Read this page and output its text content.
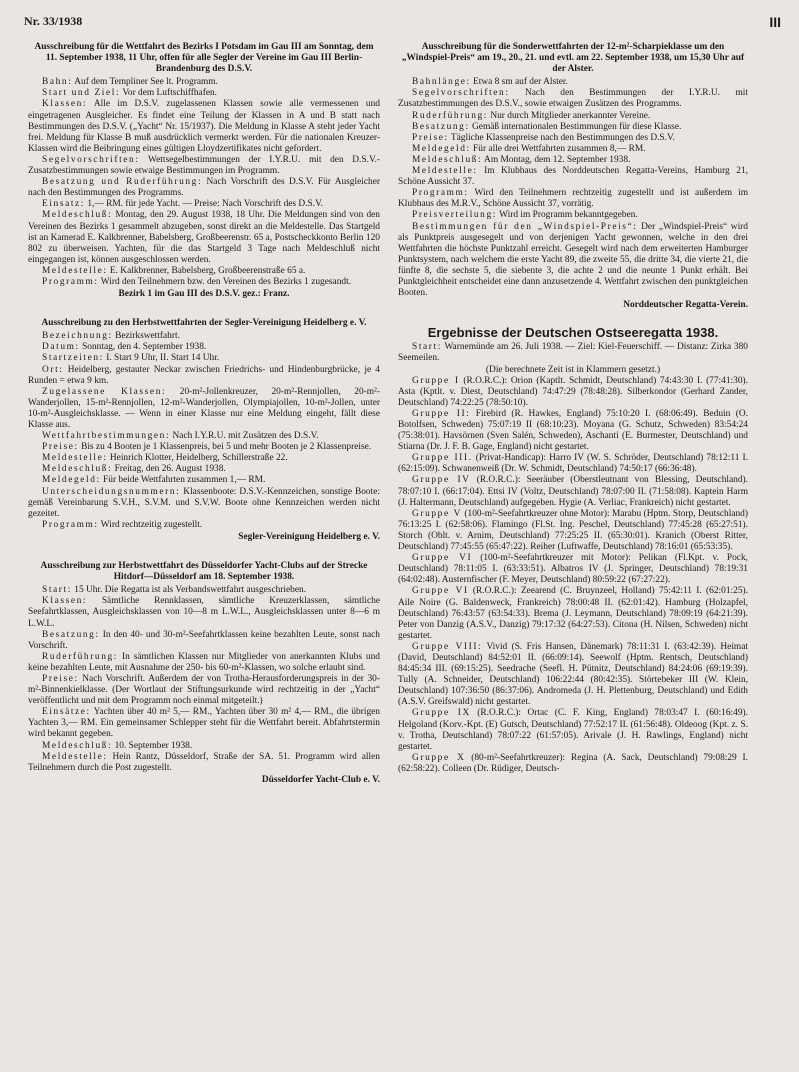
Nr. 33/1938	III
Ausschreibung für die Wettfahrt des Bezirks I Potsdam im Gau III am Sonntag, dem 11. September 1938, 11 Uhr, offen für alle Segler der Vereine im Gau III Berlin-Brandenburg des D.S.V.

Bahn: Auf dem Templiner See lt. Programm.

Start und Ziel: Vor dem Luftschiffhafen.

Klassen: Alle im D.S.V. zugelassenen Klassen sowie alle vermessenen und eingetragenen Ausgleicher. Es findet eine Teilung der Klassen in A und B statt nach Bestimmungen des D.S.V. („Yacht“ Nr. 15/1937). Die Meldung in Klasse A steht jeder Yacht frei. Meldung für Klasse B muß ausdrücklich vermerkt werden. Für die nationalen Kreuzer-Klassen wird die Beibringung eines gültigen Lloydzertifikates nicht gefordert.

Segelvorschriften: Wettsegelbestimmungen der I.Y.R.U. mit den D.S.V.-Zusatzbestimmungen sowie etwaige Bestimmungen im Programm.

Besatzung und Ruderführung: Nach Vorschrift des D.S.V. Für Ausgleicher nach den Bestimmungen des Programms.

Einsatz: 1,— RM. für jede Yacht. — Preise: Nach Vorschrift des D.S.V.

Meldeschluß: Montag, den 29. August 1938, 18 Uhr. Die Meldungen sind von den Vereinen des Bezirks 1 gesammelt abzugeben, sonst direkt an die Meldestelle. Das Startgeld ist an Kamerad E. Kalkbrenner, Babelsberg, Großbeerenstr. 65 a, Postscheckkonto Berlin 120 802 zu überweisen. Yachten, für die das Startgeld 3 Tage nach Meldeschluß nicht eingegangen ist, können ausgeschlossen werden.

Meldestelle: E. Kalkbrenner, Babelsberg, Großbeerenstraße 65 a.

Programm: Wird den Teilnehmern bzw. den Vereinen des Bezirks 1 zugesandt.

Bezirk 1 im Gau III des D.S.V. gez.: Franz.
Ausschreibung zu den Herbstwettfahrten der Segler-Vereinigung Heidelberg e. V.

Bezeichnung: Bezirkswettfahrt.

Datum: Sonntag, den 4. September 1938.

Startzeiten: I. Start 9 Uhr, II. Start 14 Uhr.

Ort: Heidelberg, gestauter Neckar zwischen Friedrichs- und Hindenburgbrücke, je 4 Runden = etwa 9 km.

Zugelassene Klassen: 20-m²-Jollenkreuzer, 20-m²-Rennjollen, 20-m²-Wanderjollen, 15-m²-Rennjollen, 12-m²-Wanderjollen, Olympiajollen, 10-m²-Jollen, unter 10-m²-Ausgleichsklasse. — Wenn in einer Klasse nur eine Meldung eingeht, fällt diese Klasse aus.

Wettfahrtbestimmungen: Nach I.Y.R.U. mit Zusätzen des D.S.V.

Preise: Bis zu 4 Booten je 1 Klassenpreis, bei 5 und mehr Booten je 2 Klassenpreise.

Meldestelle: Heinrich Klotter, Heidelberg, Schillerstraße 22.

Meldeschluß: Freitag, den 26. August 1938.

Meldegeld: Für beide Wettfahrten zusammen 1,— RM.

Unterscheidungsnummern: Klassenboote: D.S.V.-Kennzeichen, sonstige Boote: gemäß Vereinbarung S.V.H., S.V.M. und S.V.W. Boote ohne Kennzeichen werden nicht gezeitet.

Programm: Wird rechtzeitig zugestellt.

Segler-Vereinigung Heidelberg e. V.
Ausschreibung zur Herbstwettfahrt des Düsseldorfer Yacht-Clubs auf der Strecke Hitdorf—Düsseldorf am 18. September 1938.

Start: 15 Uhr. Die Regatta ist als Verbandswettfahrt ausgeschrieben.

Klassen: Sämtliche Rennklassen, sämtliche Kreuzerklassen, sämtliche Seefahrtklassen, Ausgleichsklassen von 10—8 m L.W.L., Ausgleichsklassen unter 8—6 m L.W.L.

Besatzung: In den 40- und 30-m²-Seefahrtklassen keine bezahlten Leute, sonst nach Vorschrift.

Ruderführung: In sämtlichen Klassen nur Mitglieder von anerkannten Klubs und keine bezahlten Leute, mit Ausnahme der 250- bis 60-m²-Klassen, wo solche erlaubt sind.

Preise: Nach Vorschrift. Außerdem der von Trotha-Herausforderungspreis in der 30-m²-Binnenkielklasse. (Der Wortlaut der Stiftungsurkunde wird rechtzeitig in der „Yacht“ veröffentlicht und mit dem Programm noch einmal mitgeteilt.)

Einsätze: Yachten über 40 m² 5,— RM., Yachten über 30 m² 4,— RM., die übrigen Yachten 3,— RM. Ein gemeinsamer Schlepper steht für die Wettfahrt bereit. Abfahrtstermin wird bekannt gegeben.

Meldeschluß: 10. September 1938.

Meldestelle: Hein Rantz, Düsseldorf, Straße der SA. 51. Programm wird allen Teilnehmern durch die Post zugestellt.

Düsseldorfer Yacht-Club e. V.
Ausschreibung für die Sonderwettfahrten der 12-m²-Scharpieklasse um den „Windspiel-Preis“ am 19., 20., 21. und evtl. am 22. September 1938, um 15,30 Uhr auf der Alster.

Bahnlänge: Etwa 8 sm auf der Alster.

Segelvorschriften: Nach den Bestimmungen der I.Y.R.U. mit Zusatzbestimmungen des D.S.V., sowie etwaigen Zusätzen des Programms.

Ruderführung: Nur durch Mitglieder anerkannter Vereine.

Besatzung: Gemäß internationalen Bestimmungen für diese Klasse.

Preise: Tägliche Klassenpreise nach den Bestimmungen des D.S.V.

Meldegeld: Für alle drei Wettfahrten zusammen 8,— RM.

Meldeschluß: Am Montag, dem 12. September 1938.

Meldestelle: Im Klubhaus des Norddeutschen Regatta-Vereins, Hamburg 21, Schöne Aussicht 37.

Programm: Wird den Teilnehmern rechtzeitig zugestellt und ist außerdem im Klubhaus des M.R.V., Schöne Aussicht 37, vorrätig.

Preisverteilung: Wird im Programm bekanntgegeben.

Bestimmungen für den „Windspiel-Preis“: Der „Windspiel-Preis“ wird als Punktpreis ausgesegelt und von derjenigen Yacht gewonnen, welche in den drei Wettfahrten die höchste Punktzahl erreicht. Gesegelt wird nach dem erweiterten Hamburger Punktsystem, nach welchem die erste Yacht 89, die zweite 55, die dritte 34, die vierte 21, die fünfte 8, die sechste 5, die siebente 3, die achte 2 und die neunte 1 Punkt erhält. Bei Punktgleichheit entscheidet eine dann anzusetzende 4. Wettfahrt zwischen den punktgleichen Booten.

Norddeutscher Regatta-Verein.
Ergebnisse der Deutschen Ostseeregatta 1938.

Start: Warnemünde am 26. Juli 1938. — Ziel: Kiel-Feuerschiff. — Distanz: Zirka 380 Seemeilen.

(Die berechnete Zeit ist in Klammern gesetzt.)

Gruppe I (R.O.R.C.): Orion (Kaptlt. Schmidt, Deutschland) 74:43:30 I. (77:41:30). Asta (Kptlt. v. Diest, Deutschland) 74:47:29 (78:48:28). Silberkondor (Gerhard Zander, Deutschland) 74:22:25 (78:50:10).

Gruppe II: Firebird (R. Hawkes, England) 75:10:20 I. (68:06:49). Beduin (O. Botolfsen, Schweden) 75:07:19 II (68:10:23). Moyana (G. Schutz, Schweden) 83:54:24 (75:38:01). Havsörnen (Sven Salén, Schweden), Aschanti (E. Burmester, Deutschland) und Stiarna (Dr. J. F. B. Gage, England) nicht gestartet.

Gruppe III. (Privat-Handicap): Harro IV (W. S. Schröder, Deutschland) 78:12:11 I. (62:15:09). Schwanenweiß (Dr. W. Schmidt, Deutschland) 74:50:17 (66:36:48).

Gruppe IV (R.O.R.C.): Seeräuber (Oberstleutnant von Blessing, Deutschland). 78:07:10 I. (66:17:04). Ettsi IV (Voltz, Deutschland) 78:07:00 II. (71:58:08). Kaptein Harm (J. Haltermann, Deutschland) aufgegeben. Hygie (A. Verliac, Frankreich) nicht gestartet.

Gruppe V (100-m²-Seefahrtkreuzer ohne Motor): Marabu (Hptm. Storp, Deutschland) 76:13:25 I. (62:58:06). Flamingo (Fl.St. Ing. Peschel, Deutschland) 77:45:28 (65:27:51). Storch (Oblt. v. Arnim, Deutschland) 77:25:25 II. (65:30:01). Kranich (Oberst Ritter, Deutschland) 77:45:55 (65:47:22). Reiher (Luftwaffe, Deutschland) 78:16:01 (65:53:35).

Gruppe VI (100-m²-Seefahrtkreuzer mit Motor): Pelikan (Fl.Kpt. v. Pock, Deutschland) 78:11:05 I. (63:33:51). Albatros IV (J. Springer, Deutschland) 78:19:31 (64:02:48). Austernfischer (F. Meyer, Deutschland) 80:59:22 (67:27:22).

Gruppe VI (R.O.R.C.): Zeearend (C. Bruynzeel, Holland) 75:42:11 I. (62:01:25). Aile Noire (G. Baldenweck, Frankreich) 78:00:48 II. (62:01:42). Hamburg (Holzapfel, Deutschland) 76:43:57 (63:54:33). Brema (J. Leymann, Deutschland) 78:09:19 (64:21:39). Peter von Danzig (A.S.V., Danzig) 79:17:32 (64:27:53). Citona (H. Nilsen, Schweden) nicht gestartet.

Gruppe VIII: Vivid (S. Fris Hansen, Dänemark) 78:11:31 I. (63:42:39). Heimat (David, Deutschland) 84:52:01 II. (66:09:14). Seewolf (Hptm. Rentsch, Deutschland) 84:45:34 III. (69:15:25). Seedrache (Seefl. H. Pütnitz, Deutschland) 84:24:06 (69:19:39). Tully (A. Schneider, Deutschland) 106:22:44 (80:42:35). Störtebeker III (W. Klein, Deutschland) 107:36:50 (86:37:06). Andromeda (J. H. Plettenburg, Deutschland) und Edith (A.S.V. Greifswald) nicht gestartet.

Gruppe IX (R.O.R.C.): Ortac (C. F. King, England) 78:03:47 I. (60:16:49). Helgoland (Korv.-Kpt. (E) Gutsch, Deutschland) 77:52:17 II. (61:56:48). Oldeoog (Kpt. z. S. v. Trotha, Deutschland) 78:07:22 (61:57:05). Arivale (J. H. Rawlings, England) nicht gestartet.

Gruppe X (80-m²-Seefahrtkreuzer): Regina (A. Sack, Deutschland) 79:08:29 I. (62:58:22). Colleen (Dr. Rüdiger, Deutsch-
